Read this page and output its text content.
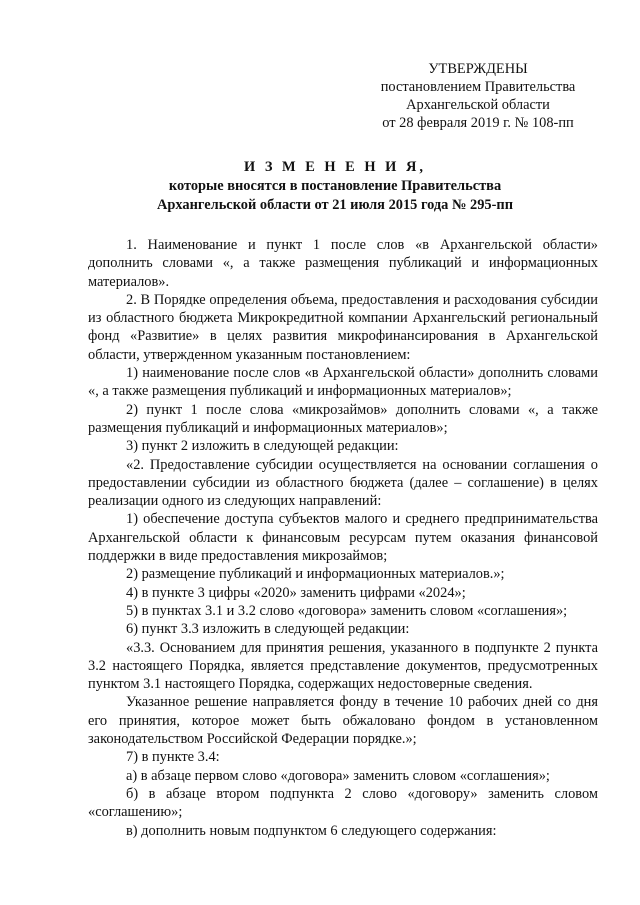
УТВЕРЖДЕНЫ
постановлением Правительства
Архангельской области
от 28 февраля 2019 г. № 108-пп
И З М Е Н Е Н И Я,
которые вносятся в постановление Правительства
Архангельской области от 21 июля 2015 года № 295-пп

1. Наименование и пункт 1 после слов «в Архангельской области» дополнить словами «, а также размещения публикаций и информационных материалов».

2. В Порядке определения объема, предоставления и расходования субсидии из областного бюджета Микрокредитной компании Архангельский региональный фонд «Развитие» в целях развития микрофинансирования в Архангельской области, утвержденном указанным постановлением:

1) наименование после слов «в Архангельской области» дополнить словами «, а также размещения публикаций и информационных материалов»;

2) пункт 1 после слова «микрозаймов» дополнить словами «, а также размещения публикаций и информационных материалов»;

3) пункт 2 изложить в следующей редакции:

«2. Предоставление субсидии осуществляется на основании соглашения о предоставлении субсидии из областного бюджета (далее – соглашение) в целях реализации одного из следующих направлений:

1) обеспечение доступа субъектов малого и среднего предпринимательства Архангельской области к финансовым ресурсам путем оказания финансовой поддержки в виде предоставления микрозаймов;

2) размещение публикаций и информационных материалов.»;

4) в пункте 3 цифры «2020» заменить цифрами «2024»;

5) в пунктах 3.1 и 3.2 слово «договора» заменить словом «соглашения»;

6) пункт 3.3 изложить в следующей редакции:

«3.3. Основанием для принятия решения, указанного в подпункте 2 пункта 3.2 настоящего Порядка, является представление документов, предусмотренных пунктом 3.1 настоящего Порядка, содержащих недостоверные сведения.

Указанное решение направляется фонду в течение 10 рабочих дней со дня его принятия, которое может быть обжаловано фондом в установленном законодательством Российской Федерации порядке.»;

7) в пункте 3.4:

а) в абзаце первом слово «договора» заменить словом «соглашения»;

б) в абзаце втором подпункта 2 слово «договору» заменить словом «соглашению»;

в) дополнить новым подпунктом 6 следующего содержания:
